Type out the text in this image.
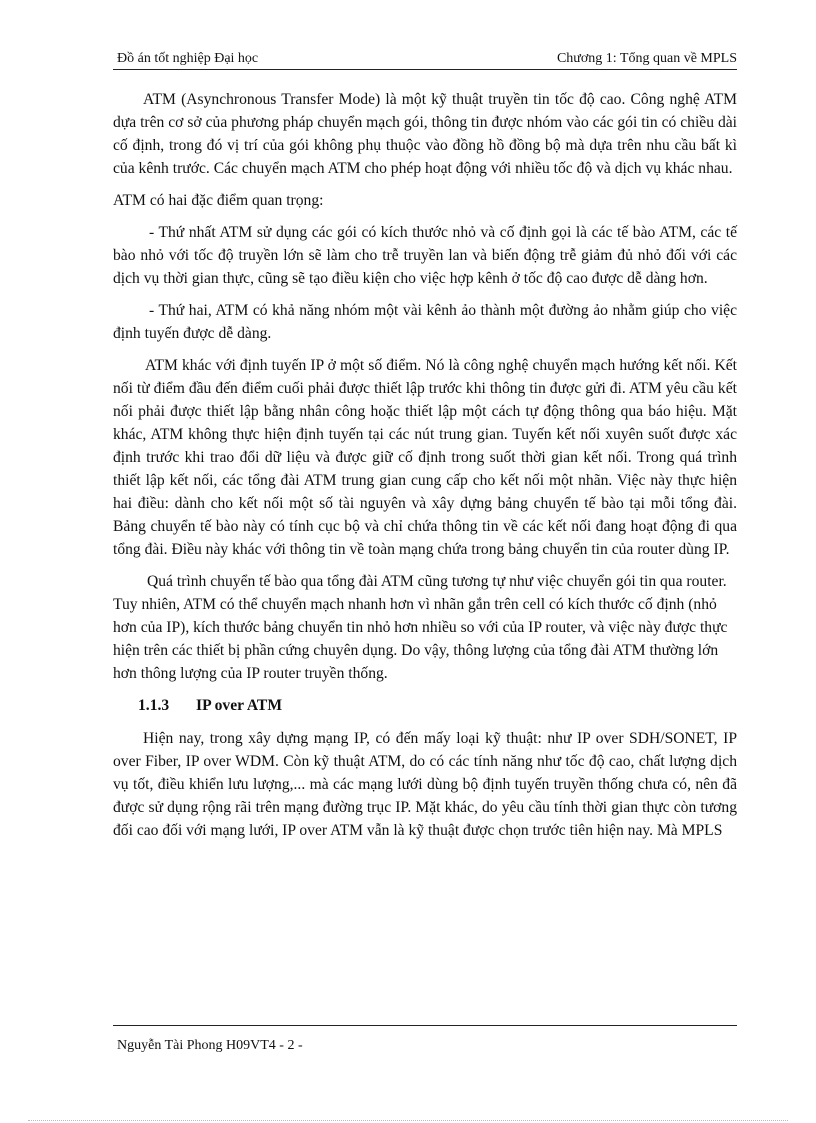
Đồ án tốt nghiệp Đại học	Chương 1: Tổng quan về MPLS

ATM (Asynchronous Transfer Mode) là một kỹ thuật truyền tin tốc độ cao. Công nghệ ATM dựa trên cơ sở của phương pháp chuyển mạch gói, thông tin được nhóm vào các gói tin có chiều dài cố định, trong đó vị trí của gói không phụ thuộc vào đồng hồ đồng bộ mà dựa trên nhu cầu bất kì của kênh trước. Các chuyển mạch ATM cho phép hoạt động với nhiều tốc độ và dịch vụ khác nhau.

ATM có hai đặc điểm quan trọng:

- Thứ nhất ATM sử dụng các gói có kích thước nhỏ và cố định gọi là các tế bào ATM, các tế bào nhỏ với tốc độ truyền lớn sẽ làm cho trễ truyền lan và biến động trễ giảm đủ nhỏ đối với các dịch vụ thời gian thực, cũng sẽ tạo điều kiện cho việc hợp kênh ở tốc độ cao được dễ dàng hơn.

- Thứ hai, ATM có khả năng nhóm một vài kênh ảo thành một đường ảo nhằm giúp cho việc định tuyến được dễ dàng.

ATM khác với định tuyến IP ở một số điểm. Nó là công nghệ chuyển mạch hướng kết nối. Kết nối từ điểm đầu đến điểm cuối phải được thiết lập trước khi thông tin được gửi đi. ATM yêu cầu kết nối phải được thiết lập bằng nhân công hoặc thiết lập một cách tự động thông qua báo hiệu. Mặt khác, ATM không thực hiện định tuyến tại các nút trung gian. Tuyến kết nối xuyên suốt được xác định trước khi trao đổi dữ liệu và được giữ cố định trong suốt thời gian kết nối. Trong quá trình thiết lập kết nối, các tổng đài ATM trung gian cung cấp cho kết nối một nhãn. Việc này thực hiện hai điều: dành cho kết nối một số tài nguyên và xây dựng bảng chuyển tế bào tại mỗi tổng đài. Bảng chuyển tế bào này có tính cục bộ và chỉ chứa thông tin về các kết nối đang hoạt động đi qua tổng đài. Điều này khác với thông tin về toàn mạng chứa trong bảng chuyển tin của router dùng IP.

Quá trình chuyển tế bào qua tổng đài ATM cũng tương tự như việc chuyển gói tin qua router. Tuy nhiên, ATM có thể chuyển mạch nhanh hơn vì nhãn gắn trên cell có kích thước cố định (nhỏ hơn của IP), kích thước bảng chuyển tin nhỏ hơn nhiều so với của IP router, và việc này được thực hiện trên các thiết bị phần cứng chuyên dụng. Do vậy, thông lượng của tổng đài ATM thường lớn hơn thông lượng của IP router truyền thống.

1.1.3 IP over ATM

Hiện nay, trong xây dựng mạng IP, có đến mấy loại kỹ thuật: như IP over SDH/SONET, IP over Fiber, IP over WDM. Còn kỹ thuật ATM, do có các tính năng như tốc độ cao, chất lượng dịch vụ tốt, điều khiển lưu lượng,... mà các mạng lưới dùng bộ định tuyến truyền thống chưa có, nên đã được sử dụng rộng rãi trên mạng đường trục IP. Mặt khác, do yêu cầu tính thời gian thực còn tương đối cao đối với mạng lưới, IP over ATM vẫn là kỹ thuật được chọn trước tiên hiện nay. Mà MPLS

Nguyễn Tài Phong H09VT4 - 2 -
